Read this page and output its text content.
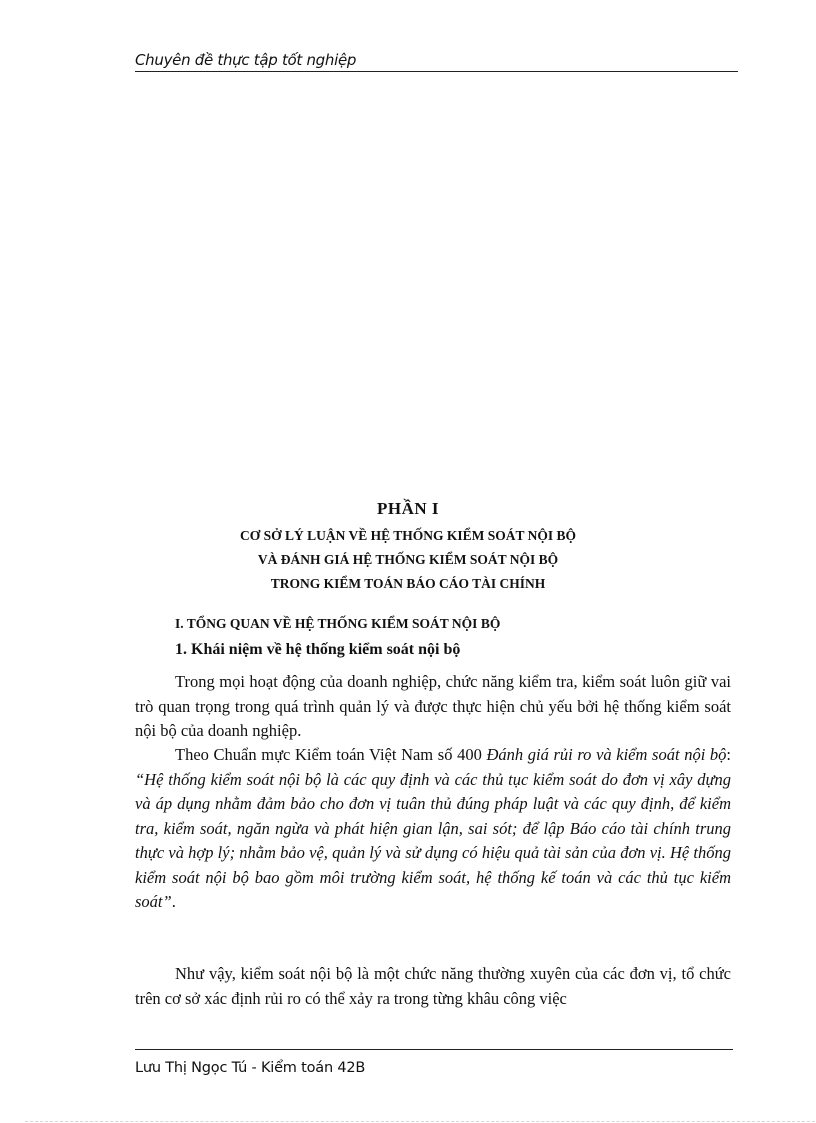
Chuyên đề thực tập tốt nghiệp
PHẦN I
CƠ SỞ LÝ LUẬN VỀ HỆ THỐNG KIỂM SOÁT NỘI BỘ
VÀ ĐÁNH GIÁ HỆ THỐNG KIỂM SOÁT NỘI BỘ
TRONG KIỂM TOÁN BÁO CÁO TÀI CHÍNH
I. TỔNG QUAN VỀ HỆ THỐNG KIỂM SOÁT NỘI BỘ
1. Khái niệm về hệ thống kiểm soát nội bộ

Trong mọi hoạt động của doanh nghiệp, chức năng kiểm tra, kiểm soát luôn giữ vai trò quan trọng trong quá trình quản lý và được thực hiện chủ yếu bởi hệ thống kiểm soát nội bộ của doanh nghiệp.

Theo Chuẩn mực Kiểm toán Việt Nam số 400 Đánh giá rủi ro và kiểm soát nội bộ: “Hệ thống kiểm soát nội bộ là các quy định và các thủ tục kiểm soát do đơn vị xây dựng và áp dụng nhằm đảm bảo cho đơn vị tuân thủ đúng pháp luật và các quy định, để kiểm tra, kiểm soát, ngăn ngừa và phát hiện gian lận, sai sót; để lập Báo cáo tài chính trung thực và hợp lý; nhằm bảo vệ, quản lý và sử dụng có hiệu quả tài sản của đơn vị. Hệ thống kiểm soát nội bộ bao gồm môi trường kiểm soát, hệ thống kế toán và các thủ tục kiểm soát”.

Như vậy, kiểm soát nội bộ là một chức năng thường xuyên của các đơn vị, tổ chức trên cơ sở xác định rủi ro có thể xảy ra trong từng khâu công việc

Lưu Thị Ngọc Tú - Kiểm toán 42B
